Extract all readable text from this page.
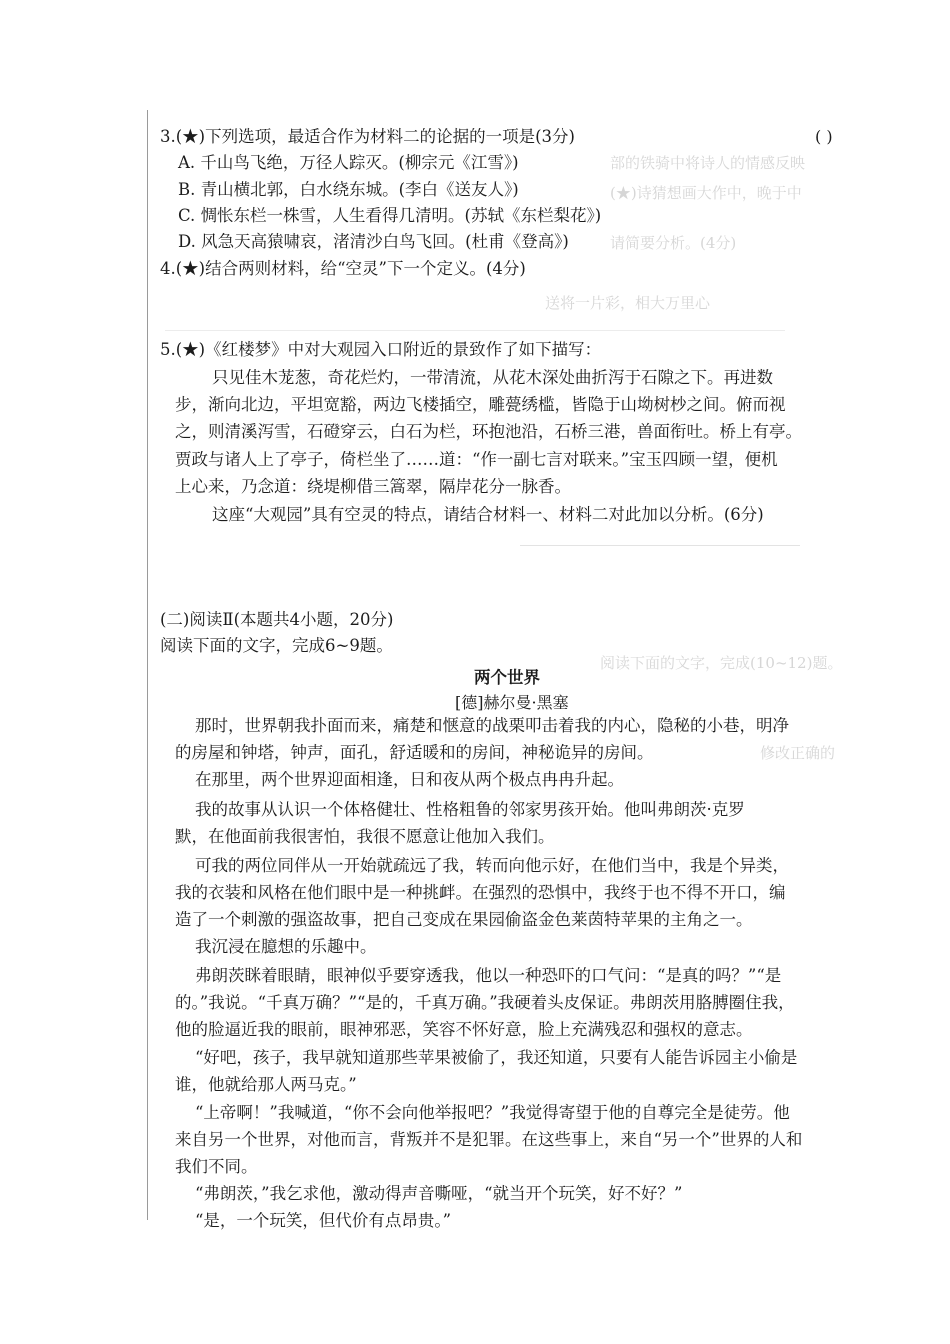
部的铁骑中将诗人的情感反映
(★)诗猜想画大作中，晚于中
请简要分析。(4分)
送将一片彩，相大万里心
阅读下面的文字，完成(10~12)题。
修改正确的
3.(★)下列选项，最适合作为材料二的论据的一项是(3分)	( )
A. 千山鸟飞绝，万径人踪灭。(柳宗元《江雪》)
B. 青山横北郭，白水绕东城。(李白《送友人》)
C. 惆怅东栏一株雪，人生看得几清明。(苏轼《东栏梨花》)
D. 风急天高猿啸哀，渚清沙白鸟飞回。(杜甫《登高》)
4.(★)结合两则材料，给“空灵”下一个定义。(4分)
5.(★)《红楼梦》中对大观园入口附近的景致作了如下描写：
只见佳木茏葱，奇花烂灼，一带清流，从花木深处曲折泻于石隙之下。再进数
步，渐向北边，平坦宽豁，两边飞楼插空，雕甍绣槛，皆隐于山坳树杪之间。俯而视
之，则清溪泻雪，石磴穿云，白石为栏，环抱池沿，石桥三港，兽面衔吐。桥上有亭。
贾政与诸人上了亭子，倚栏坐了……道：“作一副七言对联来。”宝玉四顾一望，便机
上心来，乃念道：绕堤柳借三篙翠，隔岸花分一脉香。
这座“大观园”具有空灵的特点，请结合材料一、材料二对此加以分析。(6分)
(二)阅读Ⅱ(本题共4小题，20分)
阅读下面的文字，完成6~9题。
两个世界
[德]赫尔曼·黑塞
那时，世界朝我扑面而来，痛楚和惬意的战栗叩击着我的内心，隐秘的小巷，明净
的房屋和钟塔，钟声，面孔，舒适暖和的房间，神秘诡异的房间。
在那里，两个世界迎面相逢，日和夜从两个极点冉冉升起。
我的故事从认识一个体格健壮、性格粗鲁的邻家男孩开始。他叫弗朗茨·克罗
默，在他面前我很害怕，我很不愿意让他加入我们。
可我的两位同伴从一开始就疏远了我，转而向他示好，在他们当中，我是个异类，
我的衣装和风格在他们眼中是一种挑衅。在强烈的恐惧中，我终于也不得不开口，编
造了一个刺激的强盗故事，把自己变成在果园偷盗金色莱茵特苹果的主角之一。
我沉浸在臆想的乐趣中。
弗朗茨眯着眼睛，眼神似乎要穿透我，他以一种恐吓的口气问：“是真的吗？”“是
的。”我说。“千真万确？”“是的，千真万确。”我硬着头皮保证。弗朗茨用胳膊圈住我，
他的脸逼近我的眼前，眼神邪恶，笑容不怀好意，脸上充满残忍和强权的意志。
“好吧，孩子，我早就知道那些苹果被偷了，我还知道，只要有人能告诉园主小偷是
谁，他就给那人两马克。”
“上帝啊！”我喊道，“你不会向他举报吧？”我觉得寄望于他的自尊完全是徒劳。他
来自另一个世界，对他而言，背叛并不是犯罪。在这些事上，来自“另一个”世界的人和
我们不同。
“弗朗茨，”我乞求他，激动得声音嘶哑，“就当开个玩笑，好不好？”
“是，一个玩笑，但代价有点昂贵。”
